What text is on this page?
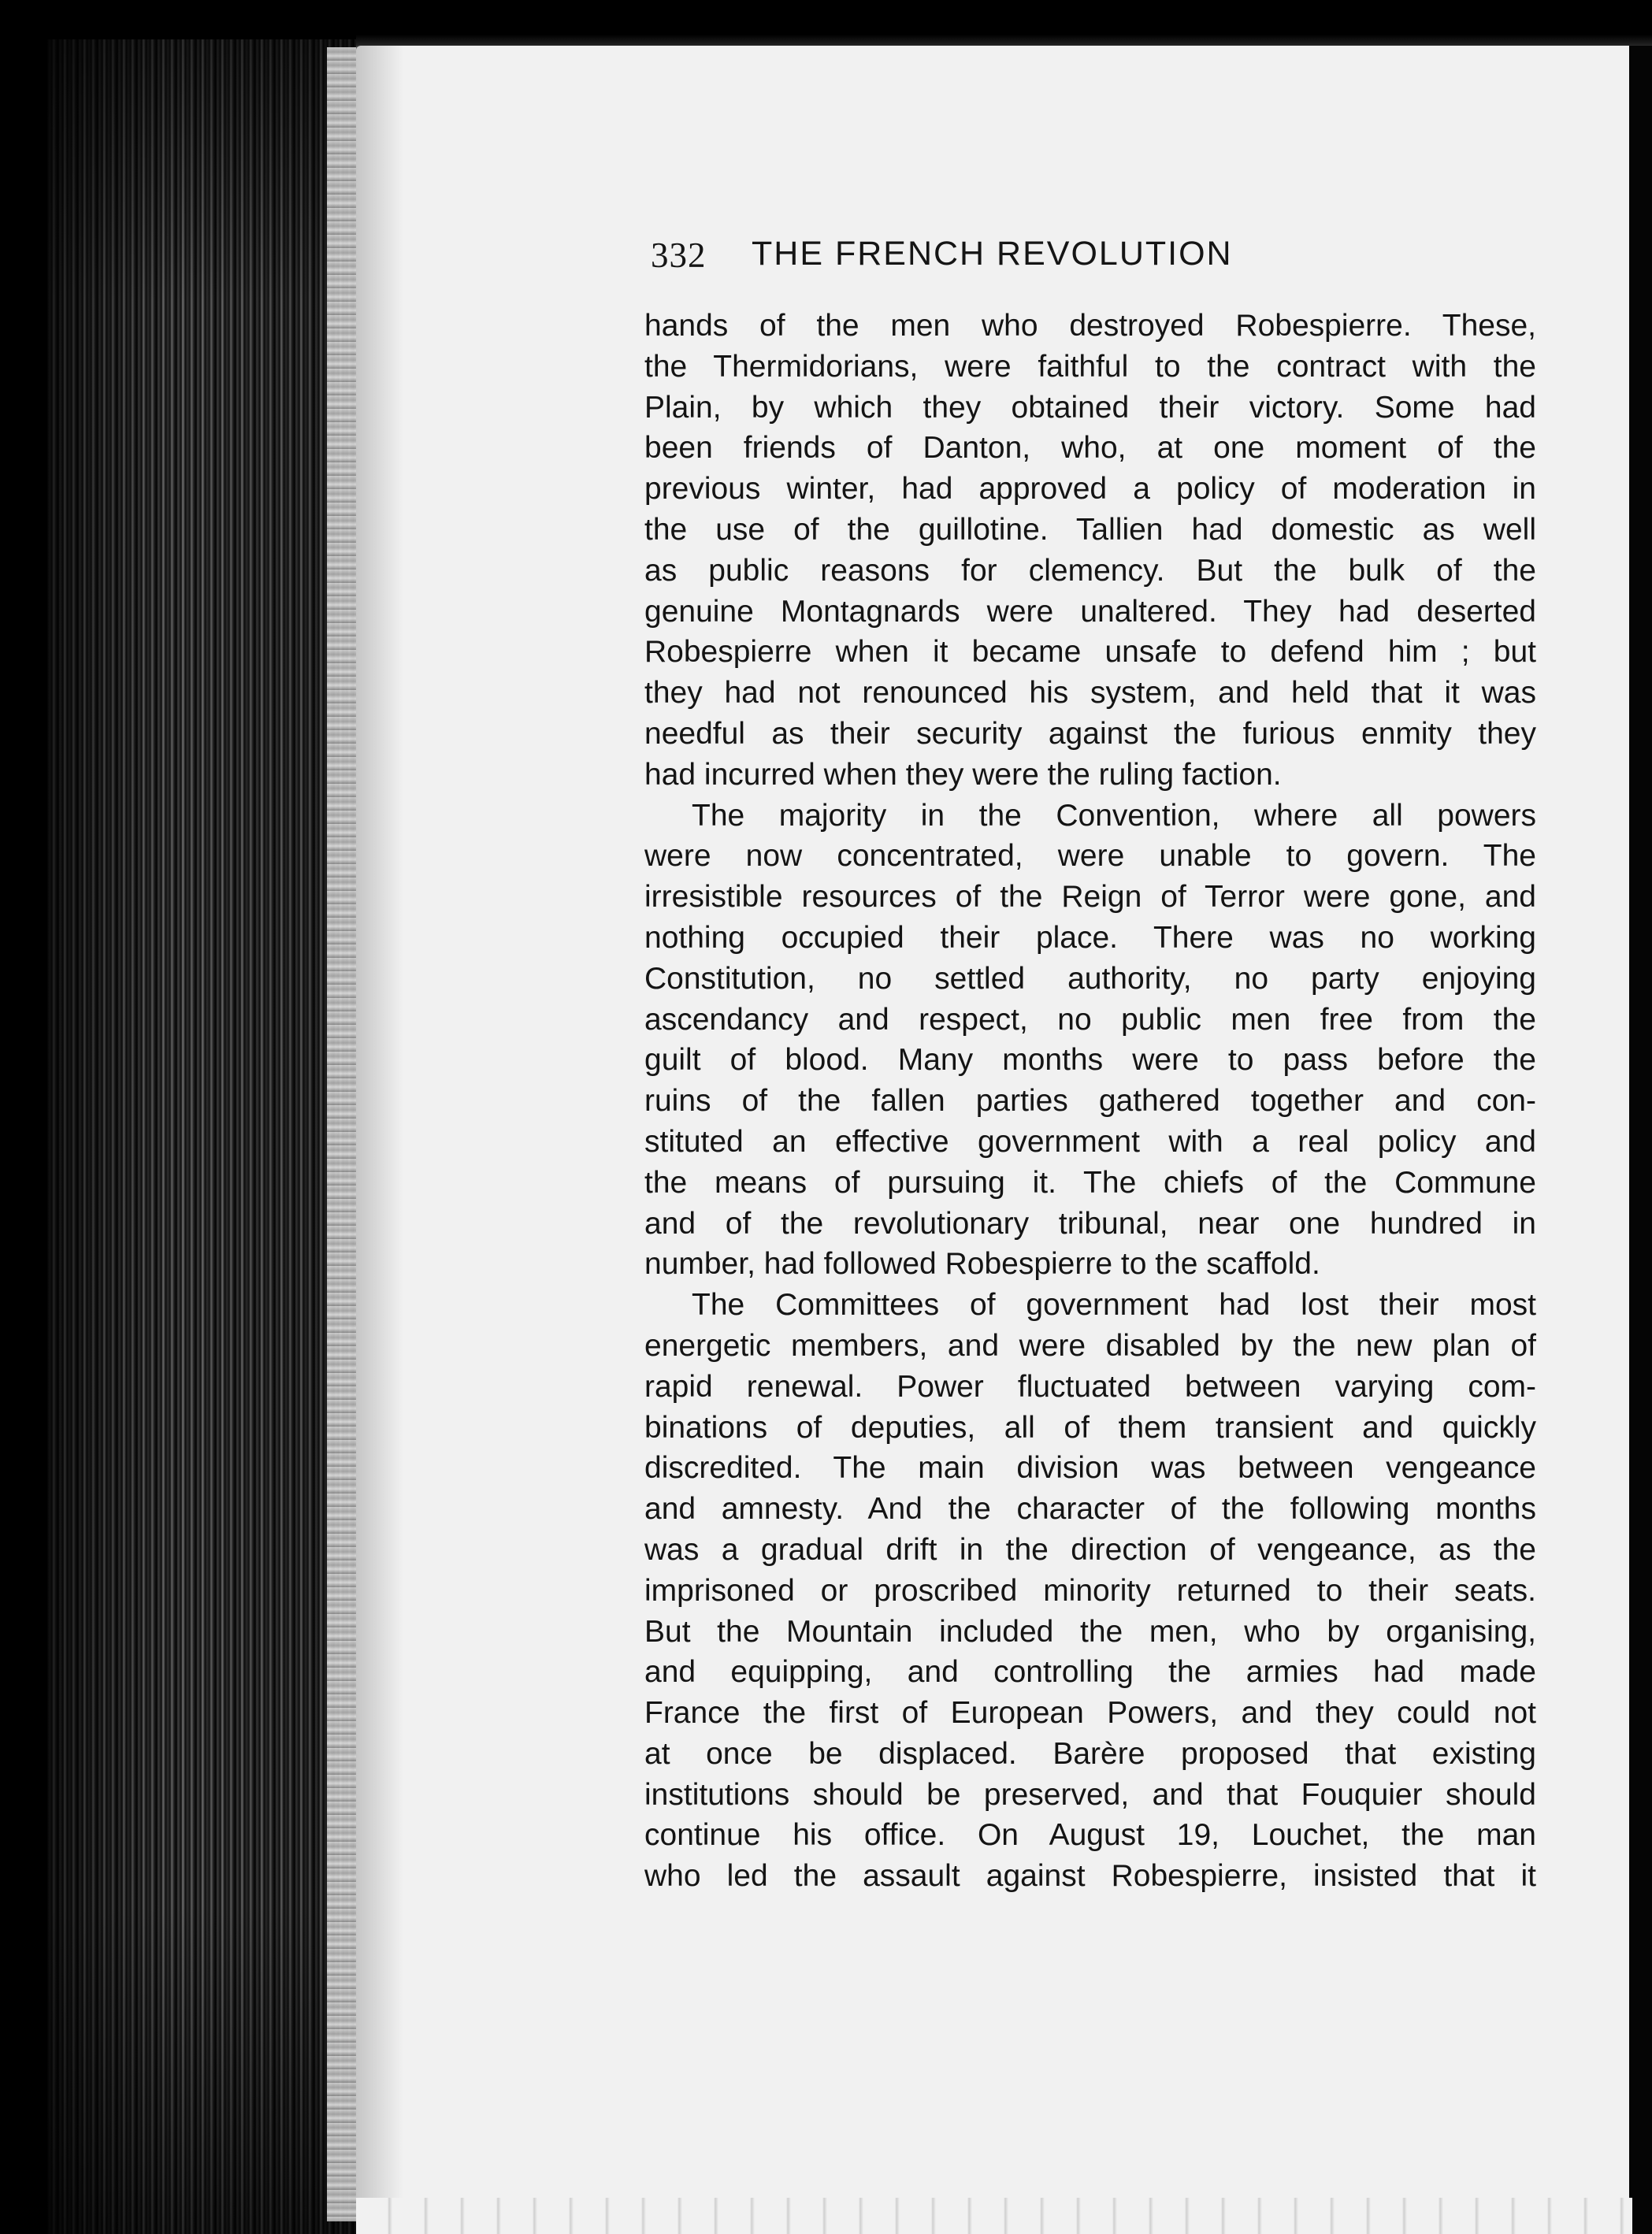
332 THE FRENCH REVOLUTION
hands of the men who destroyed Robespierre. These,
the Thermidorians, were faithful to the contract with the
Plain, by which they obtained their victory. Some had
been friends of Danton, who, at one moment of the
previous winter, had approved a policy of moderation in
the use of the guillotine. Tallien had domestic as well
as public reasons for clemency. But the bulk of the
genuine Montagnards were unaltered. They had deserted
Robespierre when it became unsafe to defend him ; but
they had not renounced his system, and held that it was
needful as their security against the furious enmity they
had incurred when they were the ruling faction.
The majority in the Convention, where all powers
were now concentrated, were unable to govern. The
irresistible resources of the Reign of Terror were gone, and
nothing occupied their place. There was no working
Constitution, no settled authority, no party enjoying
ascendancy and respect, no public men free from the
guilt of blood. Many months were to pass before the
ruins of the fallen parties gathered together and con-
stituted an effective government with a real policy and
the means of pursuing it. The chiefs of the Commune
and of the revolutionary tribunal, near one hundred in
number, had followed Robespierre to the scaffold.
The Committees of government had lost their most
energetic members, and were disabled by the new plan of
rapid renewal. Power fluctuated between varying com-
binations of deputies, all of them transient and quickly
discredited. The main division was between vengeance
and amnesty. And the character of the following months
was a gradual drift in the direction of vengeance, as the
imprisoned or proscribed minority returned to their seats.
But the Mountain included the men, who by organising,
and equipping, and controlling the armies had made
France the first of European Powers, and they could not
at once be displaced. Barère proposed that existing
institutions should be preserved, and that Fouquier should
continue his office. On August 19, Louchet, the man
who led the assault against Robespierre, insisted that it
